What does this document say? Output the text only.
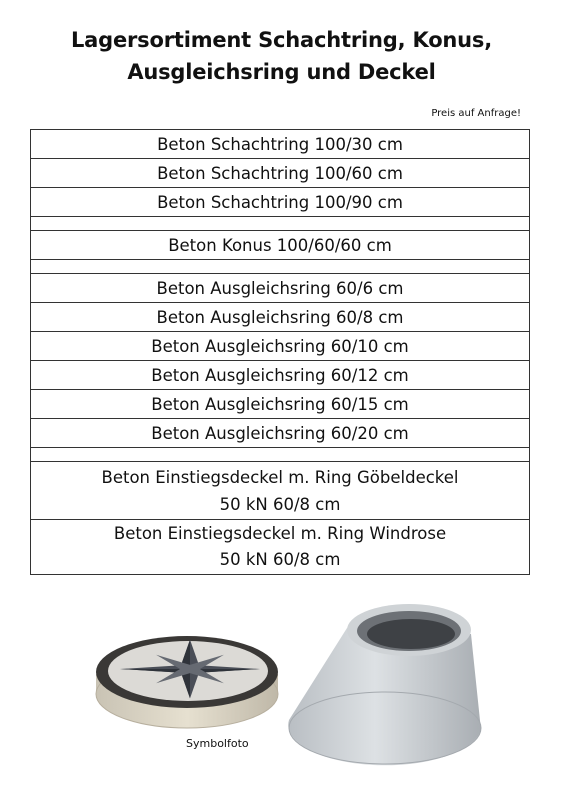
Lagersortiment Schachtring, Konus,
Ausgleichsring und Deckel
Preis auf Anfrage!
Beton Schachtring 100/30 cm
Beton Schachtring 100/60 cm
Beton Schachtring 100/90 cm
Beton Konus 100/60/60 cm
Beton Ausgleichsring 60/6 cm
Beton Ausgleichsring 60/8 cm
Beton Ausgleichsring 60/10 cm
Beton Ausgleichsring 60/12 cm
Beton Ausgleichsring 60/15 cm
Beton Ausgleichsring 60/20 cm
Beton Einstiegsdeckel m. Ring Göbeldeckel
50 kN 60/8 cm
Beton Einstiegsdeckel m. Ring Windrose
50 kN 60/8 cm
Symbolfoto
